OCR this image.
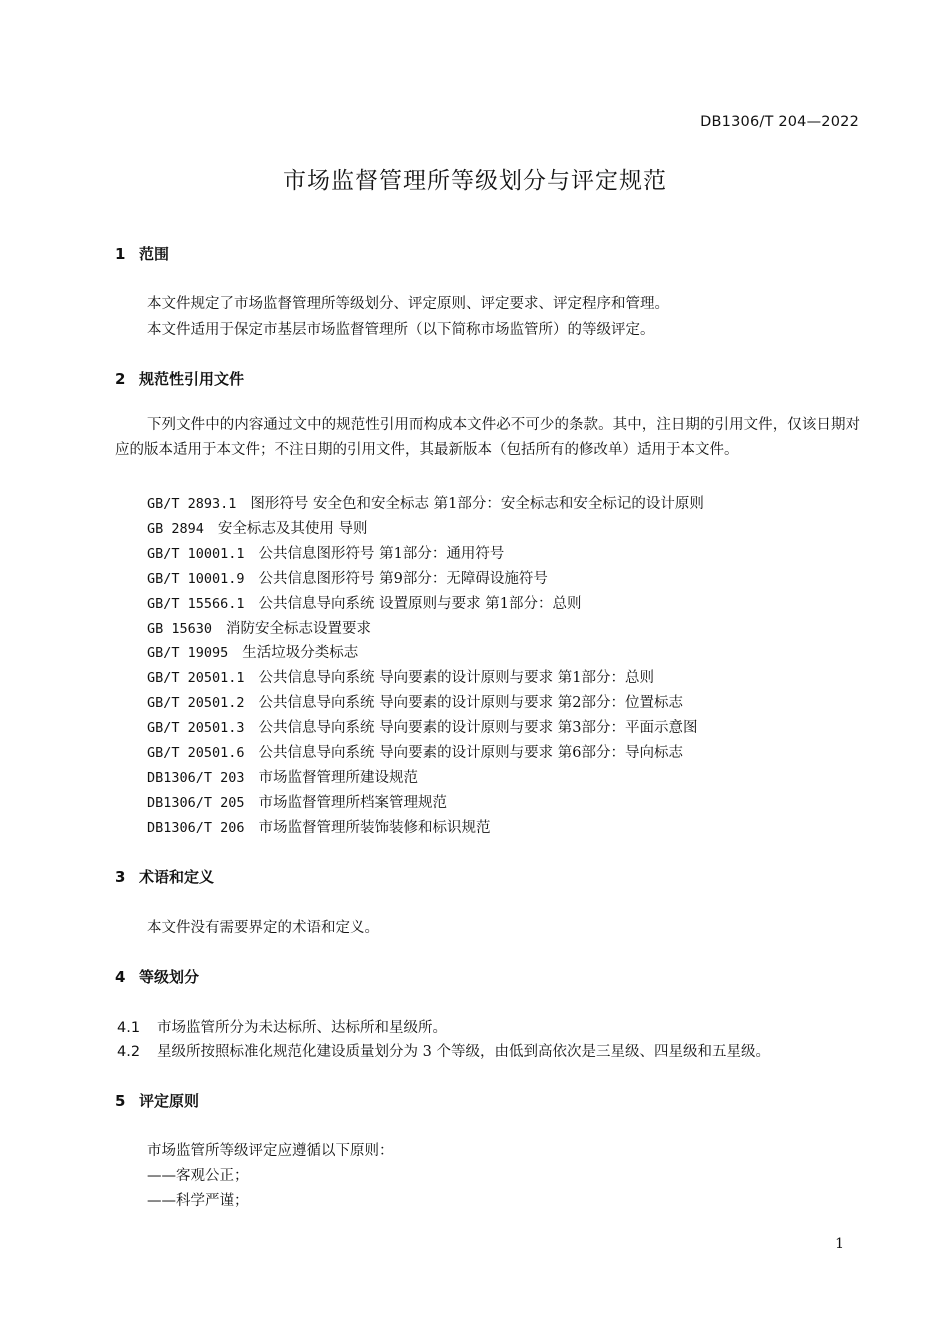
DB1306/T 204—2022
市场监督管理所等级划分与评定规范
1 范围
本文件规定了市场监督管理所等级划分、评定原则、评定要求、评定程序和管理。
本文件适用于保定市基层市场监督管理所（以下简称市场监管所）的等级评定。
2 规范性引用文件
下列文件中的内容通过文中的规范性引用而构成本文件必不可少的条款。其中，注日期的引用文件，仅该日期对应的版本适用于本文件；不注日期的引用文件，其最新版本（包括所有的修改单）适用于本文件。
GB/T 2893.1 图形符号 安全色和安全标志 第1部分：安全标志和安全标记的设计原则
GB 2894 安全标志及其使用 导则
GB/T 10001.1 公共信息图形符号 第1部分：通用符号
GB/T 10001.9 公共信息图形符号 第9部分：无障碍设施符号
GB/T 15566.1 公共信息导向系统 设置原则与要求 第1部分：总则
GB 15630 消防安全标志设置要求
GB/T 19095 生活垃圾分类标志
GB/T 20501.1 公共信息导向系统 导向要素的设计原则与要求 第1部分：总则
GB/T 20501.2 公共信息导向系统 导向要素的设计原则与要求 第2部分：位置标志
GB/T 20501.3 公共信息导向系统 导向要素的设计原则与要求 第3部分：平面示意图
GB/T 20501.6 公共信息导向系统 导向要素的设计原则与要求 第6部分：导向标志
DB1306/T 203 市场监督管理所建设规范
DB1306/T 205 市场监督管理所档案管理规范
DB1306/T 206 市场监督管理所装饰装修和标识规范
3 术语和定义
本文件没有需要界定的术语和定义。
4 等级划分
4.1 市场监管所分为未达标所、达标所和星级所。
4.2 星级所按照标准化规范化建设质量划分为 3 个等级，由低到高依次是三星级、四星级和五星级。
5 评定原则
市场监管所等级评定应遵循以下原则：
——客观公正；
——科学严谨；
1
